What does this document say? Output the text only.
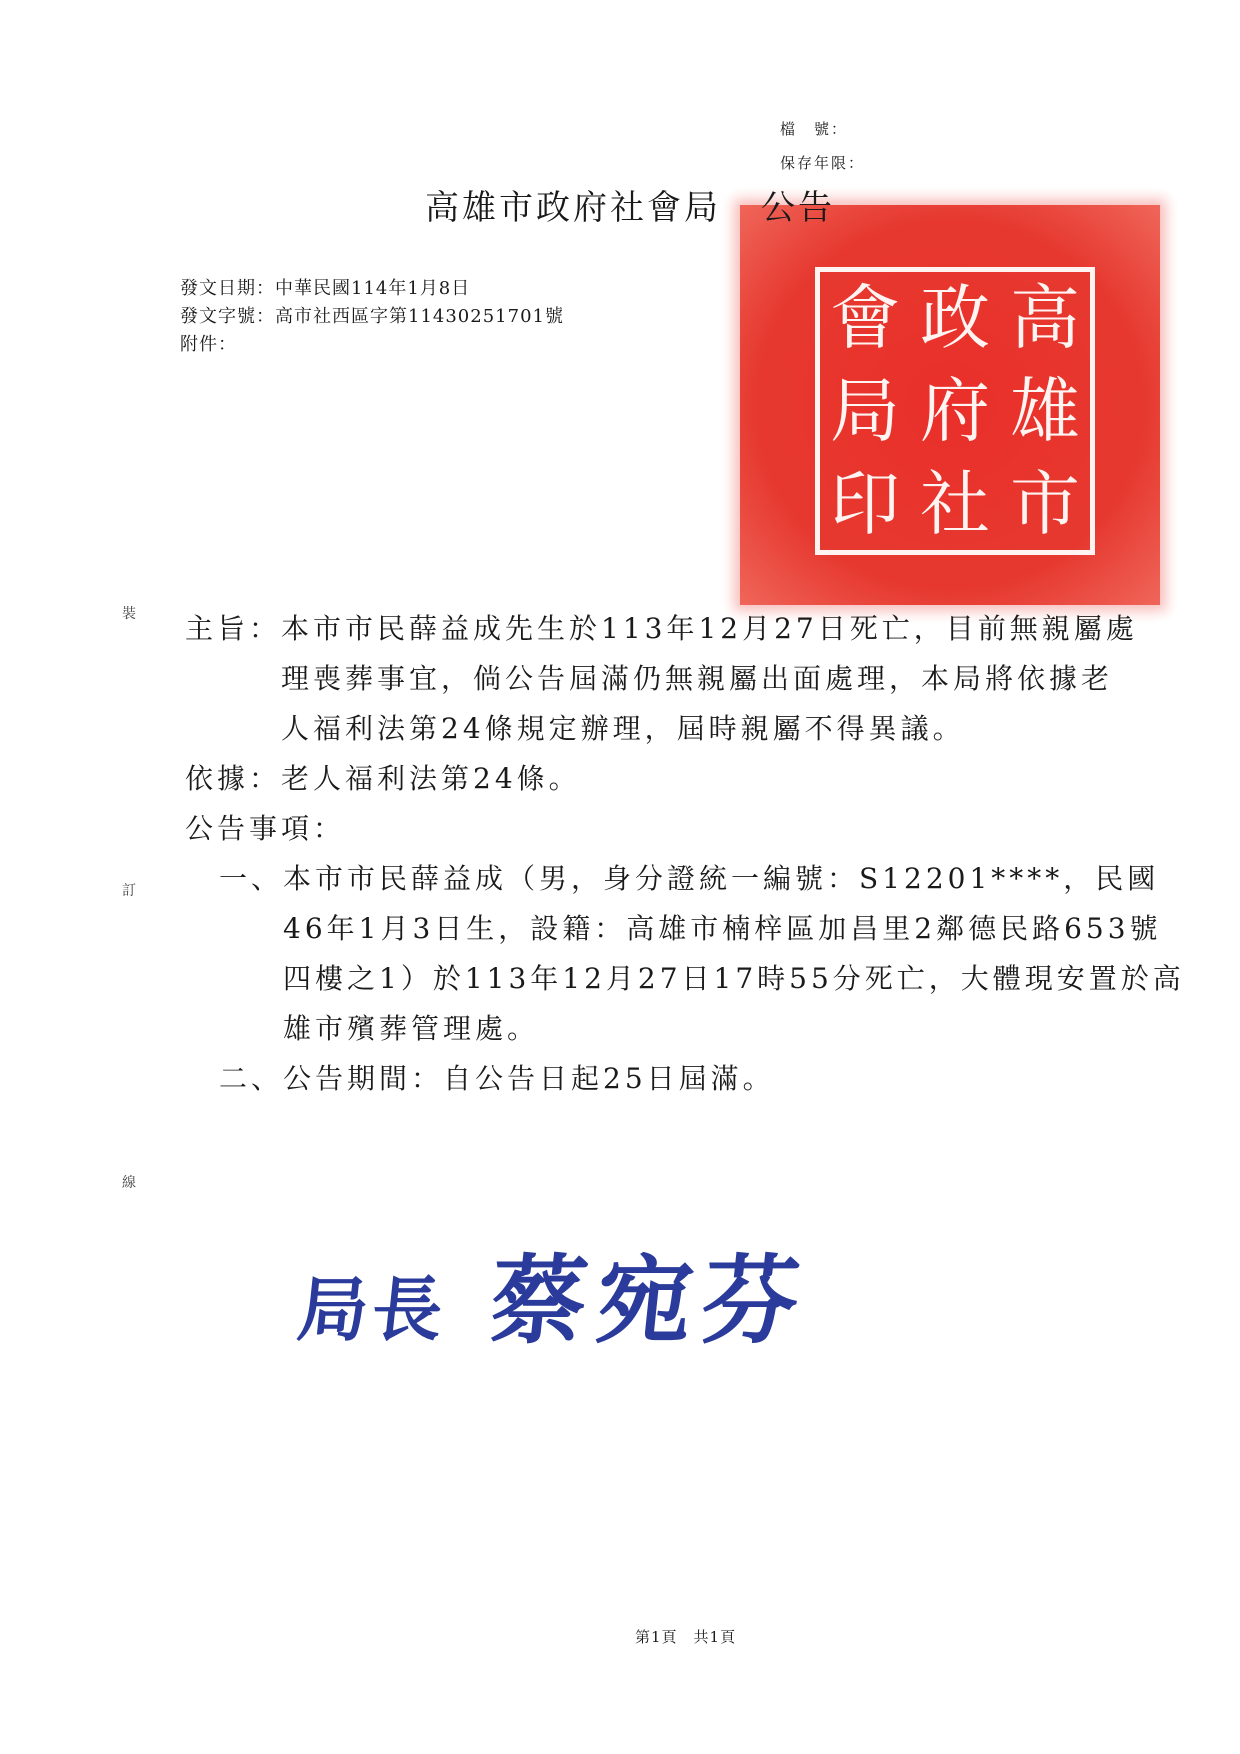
檔　號：
保存年限：
高
雄
市
政
府
社
會
局
印
高雄市政府社會局 公告
發文日期：中華民國114年1月8日
發文字號：高市社西區字第11430251701號
附件：
裝
訂
線
主旨：本市市民薛益成先生於113年12月27日死亡，目前無親屬處
理喪葬事宜，倘公告屆滿仍無親屬出面處理，本局將依據老
人福利法第24條規定辦理，屆時親屬不得異議。
依據：老人福利法第24條。
公告事項：
一、本市市民薛益成（男，身分證統一編號：S12201****，民國
46年1月3日生，設籍：高雄市楠梓區加昌里2鄰德民路653號
四樓之1）於113年12月27日17時55分死亡，大體現安置於高
雄市殯葬管理處。
二、公告期間：自公告日起25日屆滿。
局長 蔡宛芬
第1頁　共1頁
